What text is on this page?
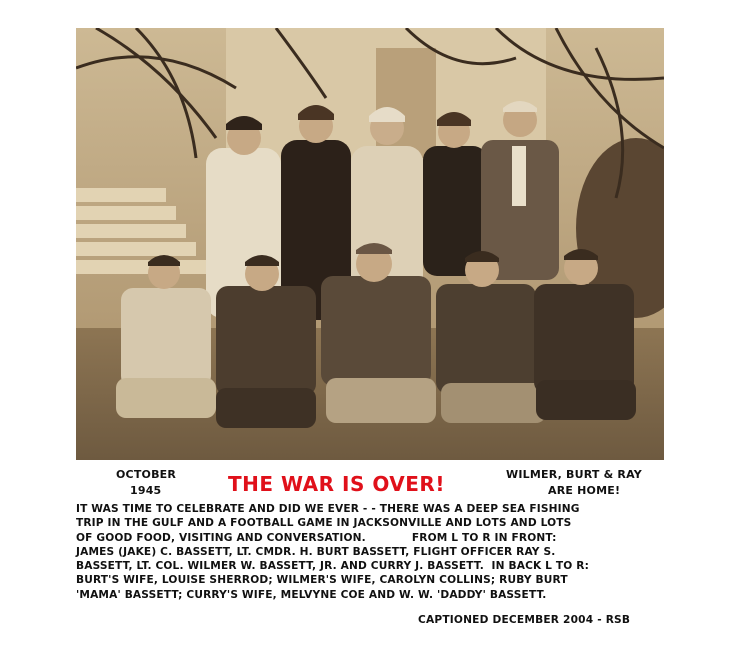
OCTOBER
1945	THE WAR IS OVER!	WILMER, BURT & RAY
ARE HOME!
IT WAS TIME TO CELEBRATE AND DID WE EVER - - THERE WAS A DEEP SEA FISHING
TRIP IN THE GULF AND A FOOTBALL GAME IN JACKSONVILLE AND LOTS AND LOTS
OF GOOD FOOD, VISITING AND CONVERSATION.            FROM L TO R IN FRONT:
JAMES (JAKE) C. BASSETT, LT. CMDR. H. BURT BASSETT, FLIGHT OFFICER RAY S.
BASSETT, LT. COL. WILMER W. BASSETT, JR. AND CURRY J. BASSETT.  IN BACK L TO R:
BURT'S WIFE, LOUISE SHERROD; WILMER'S WIFE, CAROLYN COLLINS; RUBY BURT
'MAMA' BASSETT; CURRY'S WIFE, MELVYNE COE AND W. W. 'DADDY' BASSETT.
CAPTIONED DECEMBER 2004 - RSB
